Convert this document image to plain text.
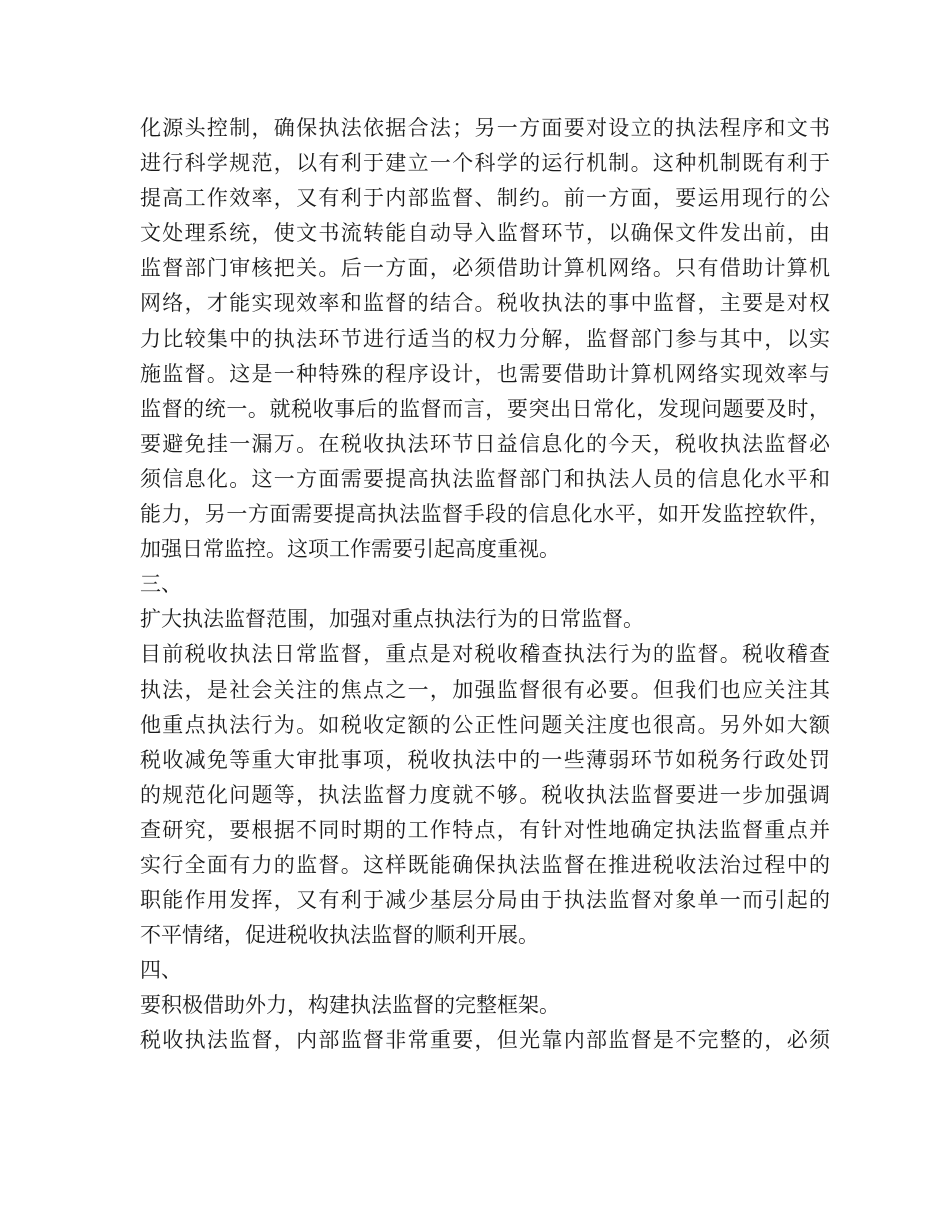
化源头控制，确保执法依据合法；另一方面要对设立的执法程序和文书
进行科学规范，以有利于建立一个科学的运行机制。这种机制既有利于
提高工作效率，又有利于内部监督、制约。前一方面，要运用现行的公
文处理系统，使文书流转能自动导入监督环节，以确保文件发出前，由
监督部门审核把关。后一方面，必须借助计算机网络。只有借助计算机
网络，才能实现效率和监督的结合。税收执法的事中监督，主要是对权
力比较集中的执法环节进行适当的权力分解，监督部门参与其中，以实
施监督。这是一种特殊的程序设计，也需要借助计算机网络实现效率与
监督的统一。就税收事后的监督而言，要突出日常化，发现问题要及时，
要避免挂一漏万。在税收执法环节日益信息化的今天，税收执法监督必
须信息化。这一方面需要提高执法监督部门和执法人员的信息化水平和
能力，另一方面需要提高执法监督手段的信息化水平，如开发监控软件，
加强日常监控。这项工作需要引起高度重视。
三、
扩大执法监督范围，加强对重点执法行为的日常监督。
目前税收执法日常监督，重点是对税收稽查执法行为的监督。税收稽查
执法，是社会关注的焦点之一，加强监督很有必要。但我们也应关注其
他重点执法行为。如税收定额的公正性问题关注度也很高。另外如大额
税收减免等重大审批事项，税收执法中的一些薄弱环节如税务行政处罚
的规范化问题等，执法监督力度就不够。税收执法监督要进一步加强调
查研究，要根据不同时期的工作特点，有针对性地确定执法监督重点并
实行全面有力的监督。这样既能确保执法监督在推进税收法治过程中的
职能作用发挥，又有利于减少基层分局由于执法监督对象单一而引起的
不平情绪，促进税收执法监督的顺利开展。
四、
要积极借助外力，构建执法监督的完整框架。
税收执法监督，内部监督非常重要，但光靠内部监督是不完整的，必须
